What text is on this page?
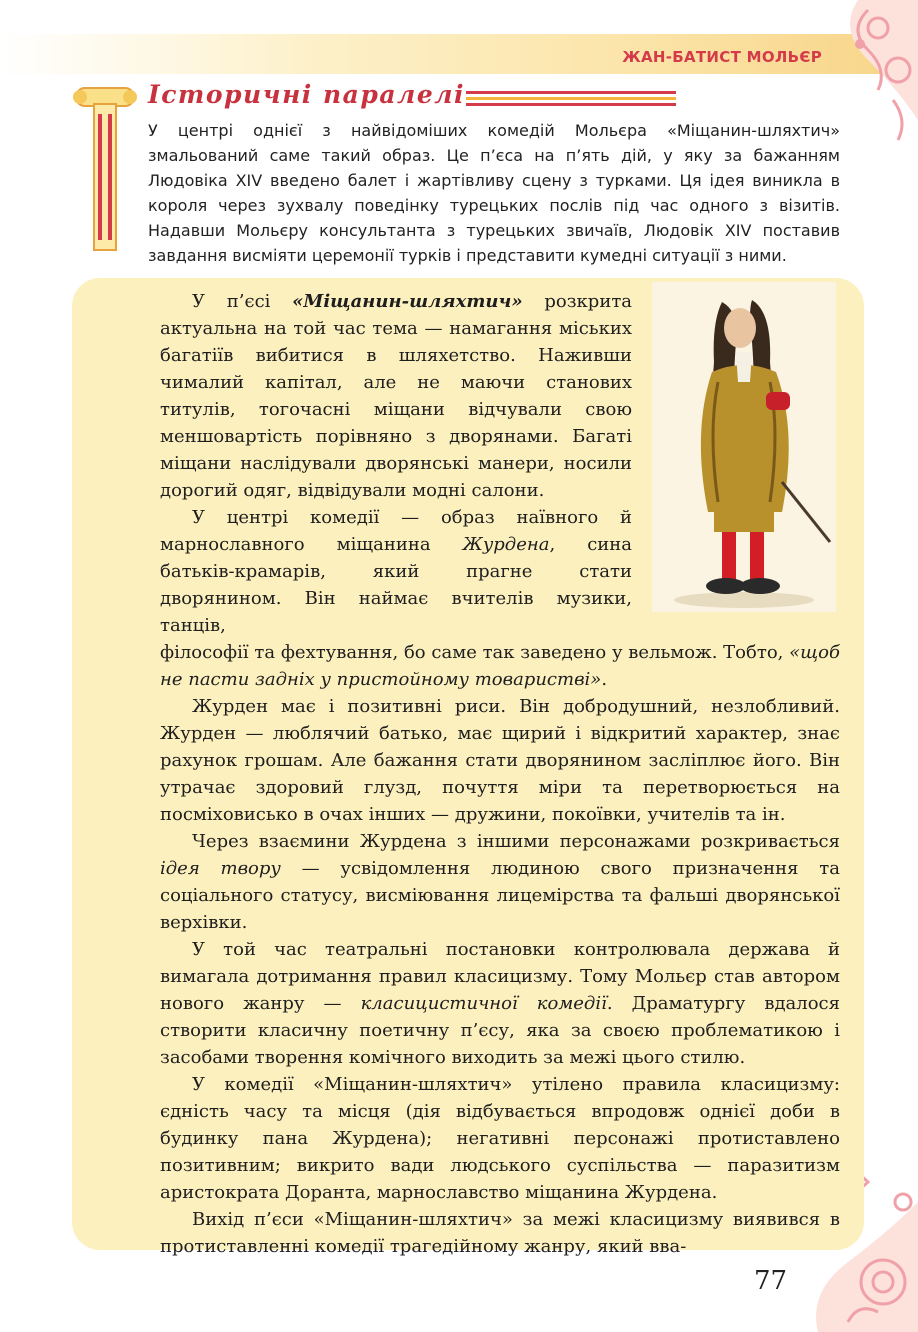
ЖАН-БАТИСТ МОЛЬЄР
Історичні паралелі
У центрі однієї з найвідоміших комедій Мольєра «Міщанин-шляхтич» змальований саме такий образ. Це п’єса на п’ять дій, у яку за бажанням Людовіка XIV введено балет і жартівливу сцену з турками. Ця ідея виникла в короля через зухвалу поведінку турецьких послів під час одного з візитів. Надавши Мольєру консультанта з турецьких звичаїв, Людовік XIV поставив завдання висміяти церемонії турків і представити кумедні ситуації з ними.

У п’єсі «Міщанин-шляхтич» розкрита актуальна на той час тема — намагання міських багатіїв вибитися в шляхетство. Наживши чималий капітал, але не маючи станових титулів, тогочасні міщани відчували свою меншовартість порівняно з дворянами. Багаті міщани наслідували дворянські манери, носили дорогий одяг, відвідували модні салони.

У центрі комедії — образ наївного й марнославного міщанина Журдена, сина батьків-крамарів, який прагне стати дворянином. Він наймає вчителів музики, танців,

філософії та фехтування, бо саме так заведено у вельмож. Тобто, «щоб не пасти задніх у пристойному товаристві».

Журден має і позитивні риси. Він добродушний, незлобливий. Журден — люблячий батько, має щирий і відкритий характер, знає рахунок грошам. Але бажання стати дворянином засліплює його. Він утрачає здоровий глузд, почуття міри та перетворюється на посміховисько в очах інших — дружини, покоївки, учителів та ін.

Через взаємини Журдена з іншими персонажами розкривається ідея твору — усвідомлення людиною свого призначення та соціального статусу, висміювання лицемірства та фальші дворянської верхівки.

У той час театральні постановки контролювала держава й вимагала дотримання правил класицизму. Тому Мольєр став автором нового жанру — класицистичної комедії. Драматургу вдалося створити класичну поетичну п’єсу, яка за своєю проблематикою і засобами творення комічного виходить за межі цього стилю.

У комедії «Міщанин-шляхтич» утілено правила класицизму: єдність часу та місця (дія відбувається впродовж однієї доби в будинку пана Журдена); негативні персонажі протиставлено позитивним; викрито вади людського суспільства — паразитизм аристократа Доранта, марнославство міщанина Журдена.

Вихід п’єси «Міщанин-шляхтич» за межі класицизму виявився в протиставленні комедії трагедійному жанру, який вва-

77
